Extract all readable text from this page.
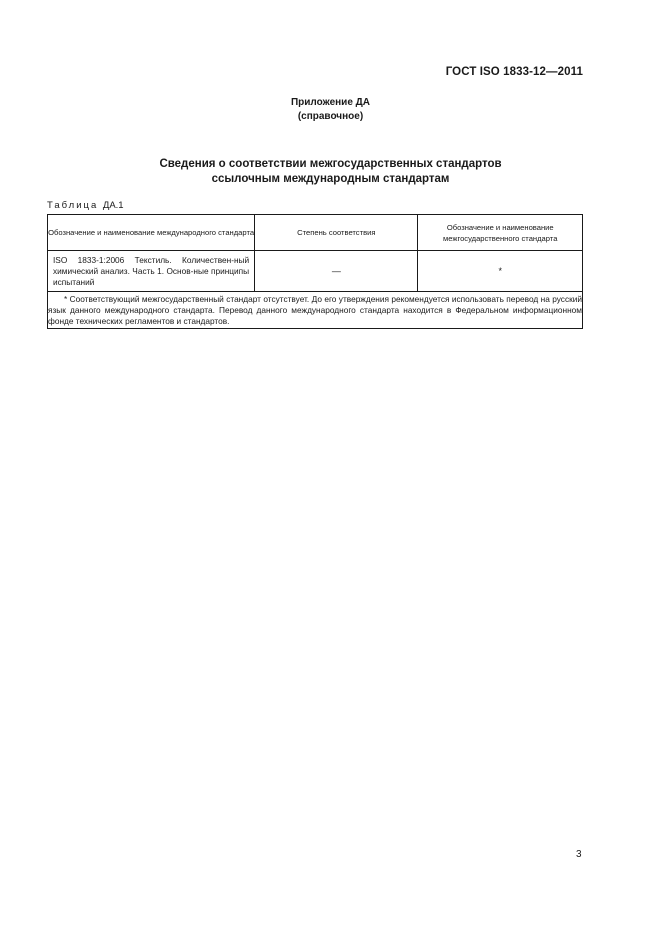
ГОСТ ISO 1833-12—2011
Приложение ДА
(справочное)
Сведения о соответствии межгосударственных стандартов
ссылочным международным стандартам
Таблица ДА.1
Обозначение и наименование международного стандарта	Степень соответствия	Обозначение и наименование межгосударственного стандарта
ISO 1833-1:2006 Текстиль. Количествен-ный химический анализ. Часть 1. Основ-ные принципы испытаний	—	*
* Соответствующий межгосударственный стандарт отсутствует. До его утверждения рекомендуется использовать перевод на русский язык данного международного стандарта. Перевод данного международного стандарта находится в Федеральном информационном фонде технических регламентов и стандартов.		
3
